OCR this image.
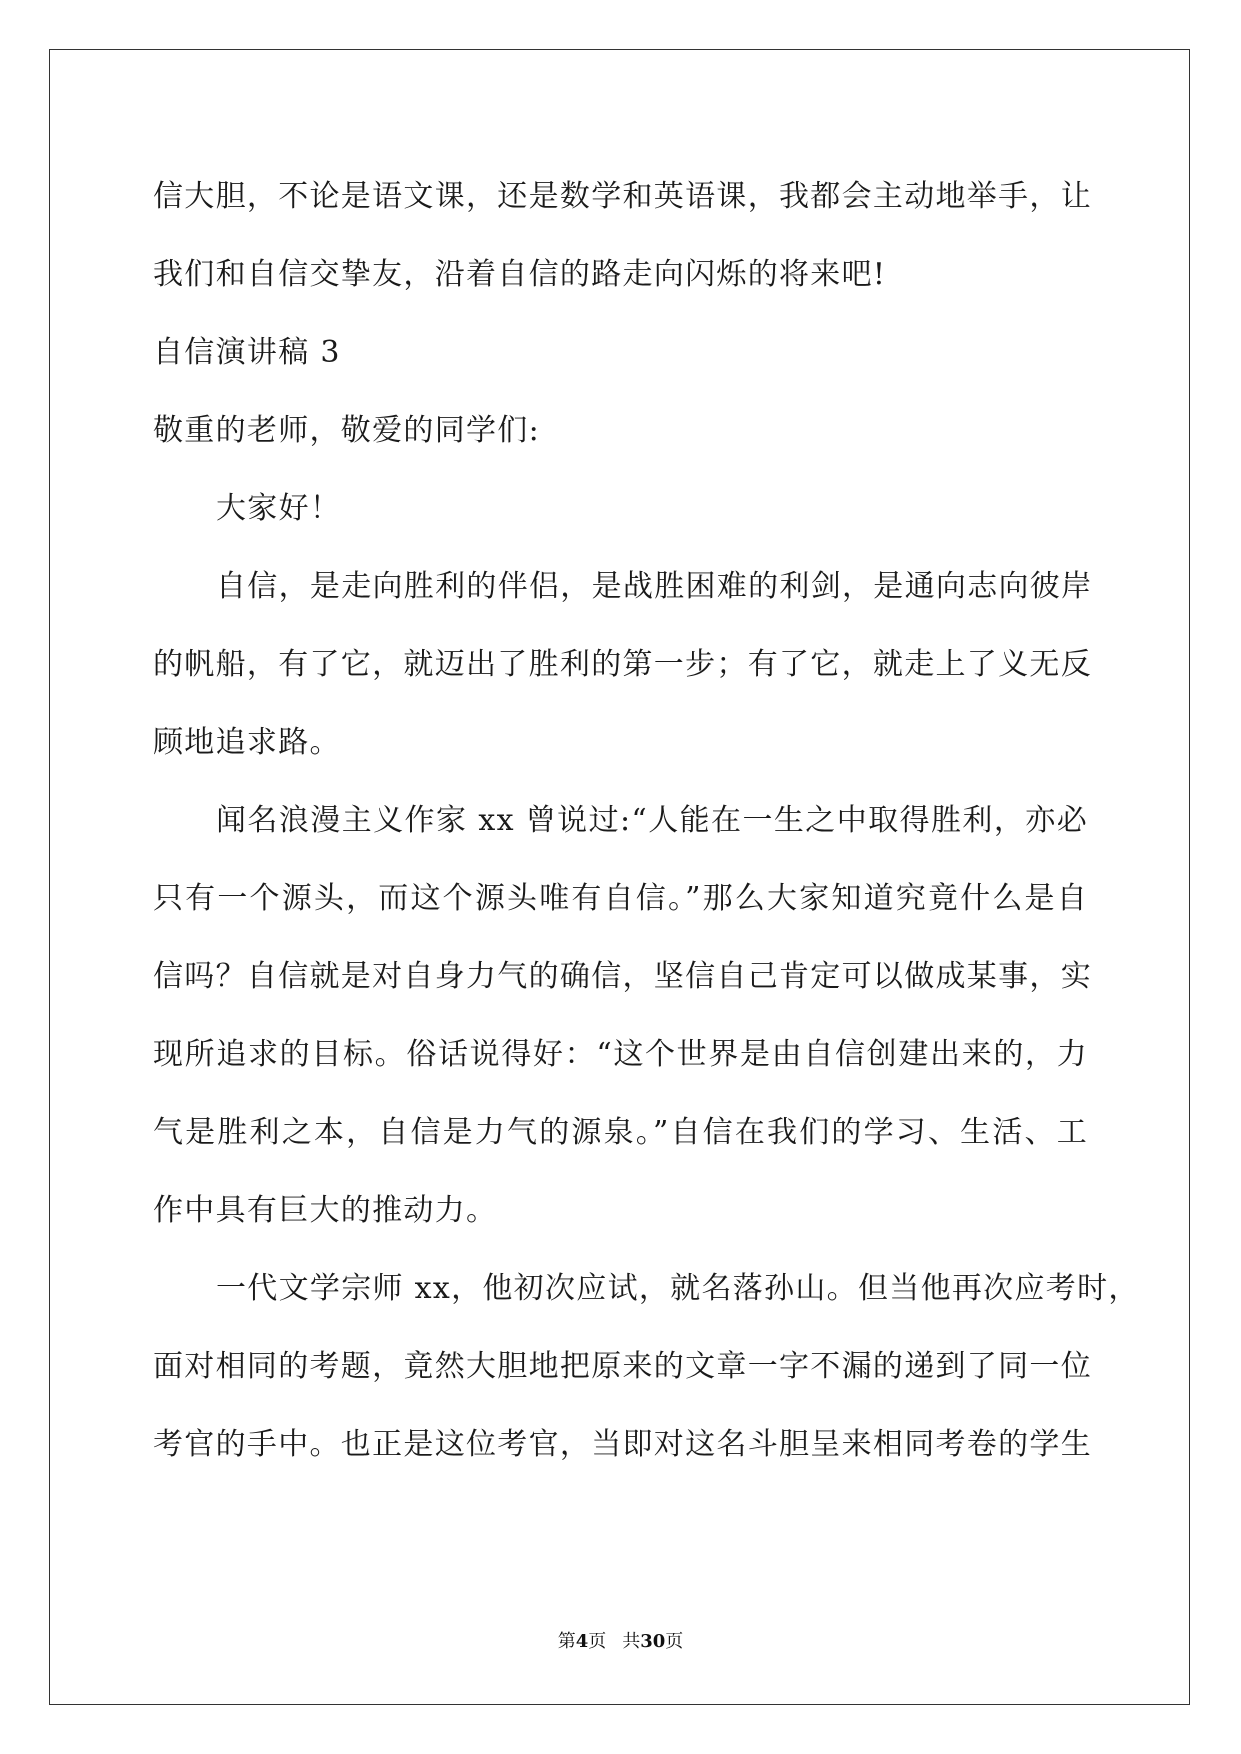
信大胆，不论是语文课，还是数学和英语课，我都会主动地举手，让
我们和自信交挚友，沿着自信的路走向闪烁的将来吧!
自信演讲稿 3
敬重的老师，敬爱的同学们:
大家好！
自信，是走向胜利的伴侣，是战胜困难的利剑，是通向志向彼岸
的帆船，有了它，就迈出了胜利的第一步；有了它，就走上了义无反
顾地追求路。
闻名浪漫主义作家 xx 曾说过:“人能在一生之中取得胜利，亦必
只有一个源头，而这个源头唯有自信。”那么大家知道究竟什么是自
信吗？自信就是对自身力气的确信，坚信自己肯定可以做成某事，实
现所追求的目标。俗话说得好：“这个世界是由自信创建出来的，力
气是胜利之本，自信是力气的源泉。”自信在我们的学习、生活、工
作中具有巨大的推动力。
一代文学宗师 xx，他初次应试，就名落孙山。但当他再次应考时，
面对相同的考题，竟然大胆地把原来的文章一字不漏的递到了同一位
考官的手中。也正是这位考官，当即对这名斗胆呈来相同考卷的学生
第4页 共30页
